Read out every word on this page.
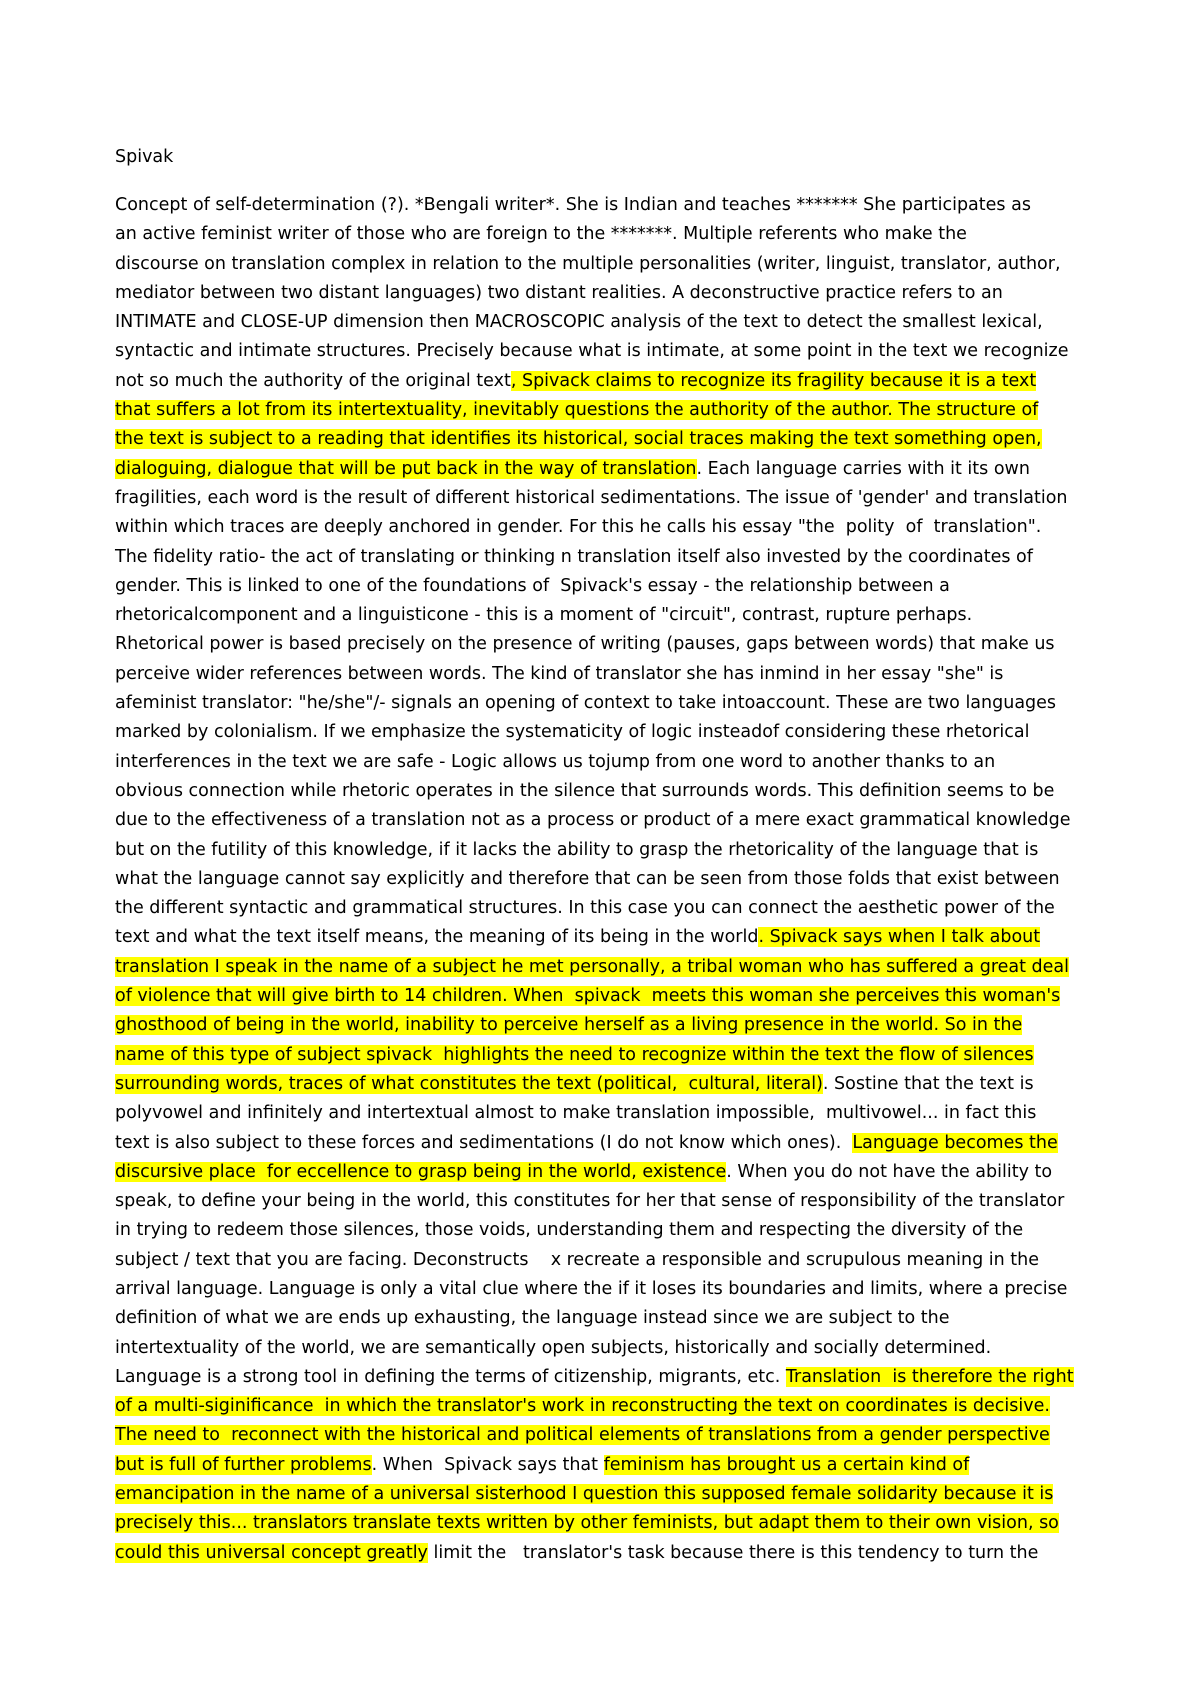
Spivak
Concept of self-determination (?). *Bengali writer*. She is Indian and teaches ******* She participates as
an active feminist writer of those who are foreign to the *******. Multiple referents who make the
discourse on translation complex in relation to the multiple personalities (writer, linguist, translator, author,
mediator between two distant languages) two distant realities. A deconstructive practice refers to an
INTIMATE and CLOSE-UP dimension then MACROSCOPIC analysis of the text to detect the smallest lexical,
syntactic and intimate structures. Precisely because what is intimate, at some point in the text we recognize
not so much the authority of the original text, Spivack claims to recognize its fragility because it is a text
that suffers a lot from its intertextuality, inevitably questions the authority of the author. The structure of
the text is subject to a reading that identifies its historical, social traces making the text something open,
dialoguing, dialogue that will be put back in the way of translation. Each language carries with it its own
fragilities, each word is the result of different historical sedimentations. The issue of 'gender' and translation
within which traces are deeply anchored in gender. For this he calls his essay "the  polity  of  translation".
The fidelity ratio- the act of translating or thinking n translation itself also invested by the coordinates of
gender. This is linked to one of the foundations of  Spivack's essay - the relationship between a
rhetoricalcomponent and a linguisticone - this is a moment of "circuit", contrast, rupture perhaps.
Rhetorical power is based precisely on the presence of writing (pauses, gaps between words) that make us
perceive wider references between words. The kind of translator she has inmind in her essay "she" is
afeminist translator: "he/she"/- signals an opening of context to take intoaccount. These are two languages
marked by colonialism. If we emphasize the systematicity of logic insteadof considering these rhetorical
interferences in the text we are safe - Logic allows us tojump from one word to another thanks to an
obvious connection while rhetoric operates in the silence that surrounds words. This definition seems to be
due to the effectiveness of a translation not as a process or product of a mere exact grammatical knowledge
but on the futility of this knowledge, if it lacks the ability to grasp the rhetoricality of the language that is
what the language cannot say explicitly and therefore that can be seen from those folds that exist between
the different syntactic and grammatical structures. In this case you can connect the aesthetic power of the
text and what the text itself means, the meaning of its being in the world. Spivack says when I talk about
translation I speak in the name of a subject he met personally, a tribal woman who has suffered a great deal
of violence that will give birth to 14 children. When  spivack  meets this woman she perceives this woman's
ghosthood of being in the world, inability to perceive herself as a living presence in the world. So in the
name of this type of subject spivack  highlights the need to recognize within the text the flow of silences
surrounding words, traces of what constitutes the text (political,  cultural, literal). Sostine that the text is
polyvowel and infinitely and intertextual almost to make translation impossible,  multivowel... in fact this
text is also subject to these forces and sedimentations (I do not know which ones).  Language becomes the
discursive place  for eccellence to grasp being in the world, existence. When you do not have the ability to
speak, to define your being in the world, this constitutes for her that sense of responsibility of the translator
in trying to redeem those silences, those voids, understanding them and respecting the diversity of the
subject / text that you are facing. Deconstructs    x recreate a responsible and scrupulous meaning in the
arrival language. Language is only a vital clue where the if it loses its boundaries and limits, where a precise
definition of what we are ends up exhausting, the language instead since we are subject to the
intertextuality of the world, we are semantically open subjects, historically and socially determined.
Language is a strong tool in defining the terms of citizenship, migrants, etc. Translation  is therefore the right
of a multi-siginificance  in which the translator's work in reconstructing the text on coordinates is decisive.
The need to  reconnect with the historical and political elements of translations from a gender perspective
but is full of further problems. When  Spivack says that feminism has brought us a certain kind of
emancipation in the name of a universal sisterhood I question this supposed female solidarity because it is
precisely this... translators translate texts written by other feminists, but adapt them to their own vision, so
could this universal concept greatly limit the   translator's task because there is this tendency to turn the
